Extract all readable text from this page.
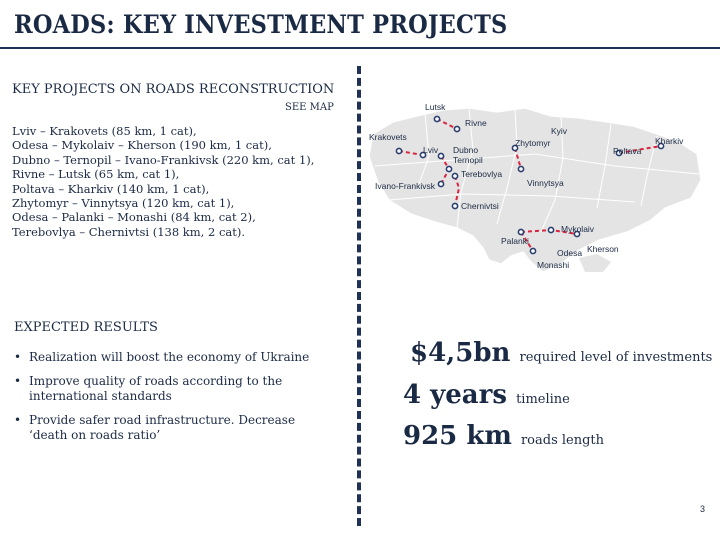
ROADS: KEY INVESTMENT PROJECTS
KEY PROJECTS ON ROADS RECONSTRUCTION
SEE MAP
Lviv – Krakovets (85 km, 1 cat),
Odesa – Mykolaiv – Kherson (190 km, 1 cat),
Dubno – Ternopil – Ivano-Frankivsk (220 km, cat 1),
Rivne – Lutsk (65 km, cat 1),
Poltava – Kharkiv (140 km, 1 cat),
Zhytomyr – Vinnytsya (120 km, cat 1),
Odesa – Palanki – Monashi (84 km, cat 2),
Terebovlya – Chernivtsi (138 km, 2 cat).
Lutsk
Rivne
Krakovets
Lviv Dubno
Ternopil
Terebovlya
Ivano-Frankivsk
Chernivtsi
Kyiv
Zhytomyr
Vinnytsya
Poltava
Kharkiv
Palanki
Odesa
Mykolaiv
Kherson
Monashi
EXPECTED RESULTS
• Realization will boost the economy of Ukraine
• Improve quality of roads according to the international standards
• Provide safer road infrastructure. Decrease ‘death on roads ratio’
$4,5bn required level of investments
4 years timeline
925 km roads length
3
